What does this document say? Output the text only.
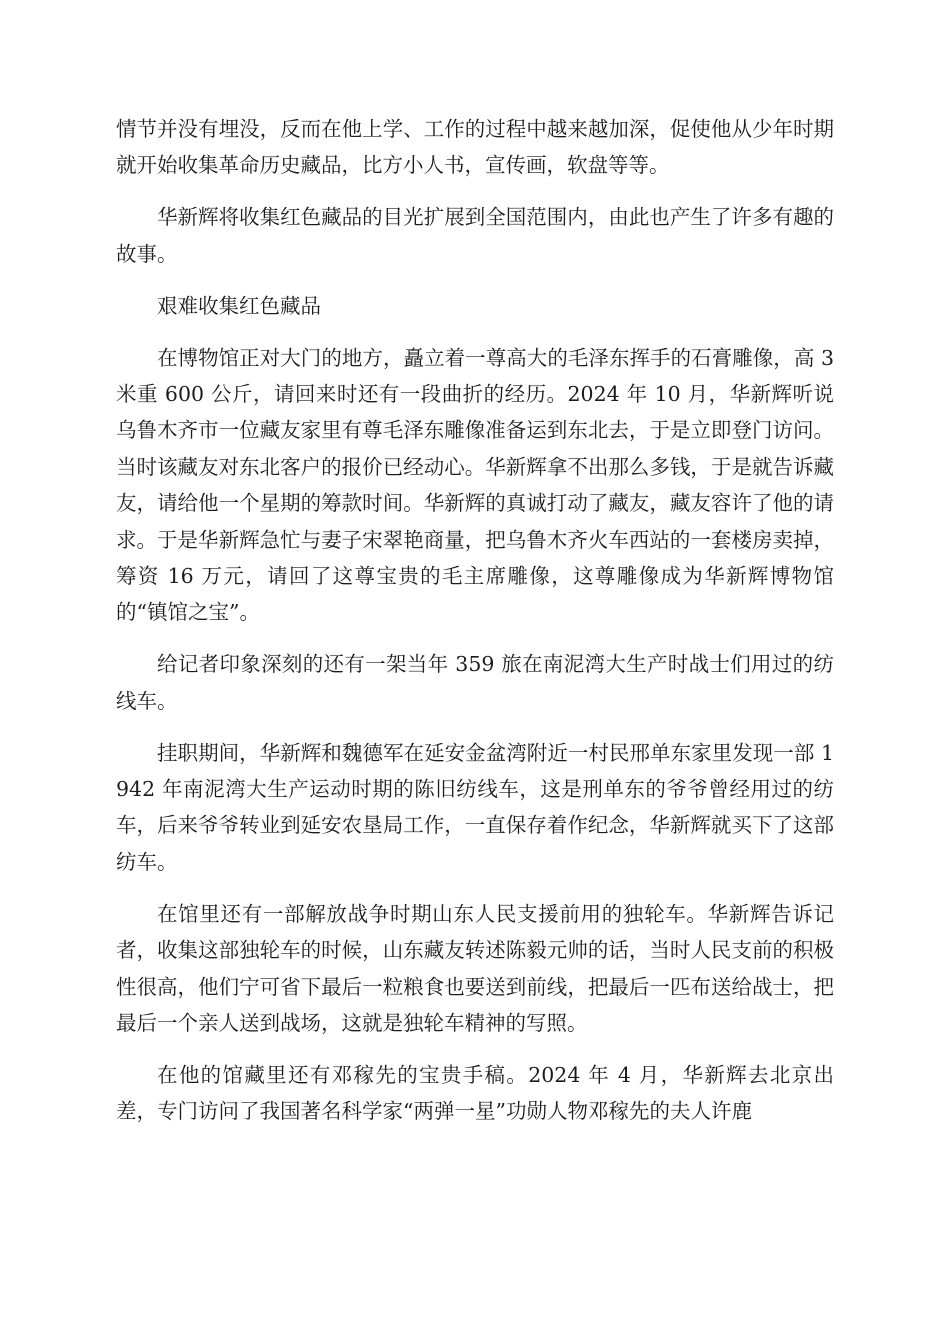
情节并没有埋没，反而在他上学、工作的过程中越来越加深，促使他从少年时期就开始收集革命历史藏品，比方小人书，宣传画，软盘等等。

华新辉将收集红色藏品的目光扩展到全国范围内，由此也产生了许多有趣的故事。

艰难收集红色藏品

在博物馆正对大门的地方，矗立着一尊高大的毛泽东挥手的石膏雕像，高 3 米重 600 公斤，请回来时还有一段曲折的经历。2024 年 10 月，华新辉听说乌鲁木齐市一位藏友家里有尊毛泽东雕像准备运到东北去，于是立即登门访问。当时该藏友对东北客户的报价已经动心。华新辉拿不出那么多钱，于是就告诉藏友，请给他一个星期的筹款时间。华新辉的真诚打动了藏友，藏友容许了他的请求。于是华新辉急忙与妻子宋翠艳商量，把乌鲁木齐火车西站的一套楼房卖掉，筹资 16 万元，请回了这尊宝贵的毛主席雕像，这尊雕像成为华新辉博物馆的“镇馆之宝”。

给记者印象深刻的还有一架当年 359 旅在南泥湾大生产时战士们用过的纺线车。

挂职期间，华新辉和魏德军在延安金盆湾附近一村民邢单东家里发现一部 1942 年南泥湾大生产运动时期的陈旧纺线车，这是刑单东的爷爷曾经用过的纺车，后来爷爷转业到延安农垦局工作，一直保存着作纪念，华新辉就买下了这部纺车。

在馆里还有一部解放战争时期山东人民支援前用的独轮车。华新辉告诉记者，收集这部独轮车的时候，山东藏友转述陈毅元帅的话，当时人民支前的积极性很高，他们宁可省下最后一粒粮食也要送到前线，把最后一匹布送给战士，把最后一个亲人送到战场，这就是独轮车精神的写照。

在他的馆藏里还有邓稼先的宝贵手稿。2024 年 4 月，华新辉去北京出差，专门访问了我国著名科学家“两弹一星”功勋人物邓稼先的夫人许鹿
